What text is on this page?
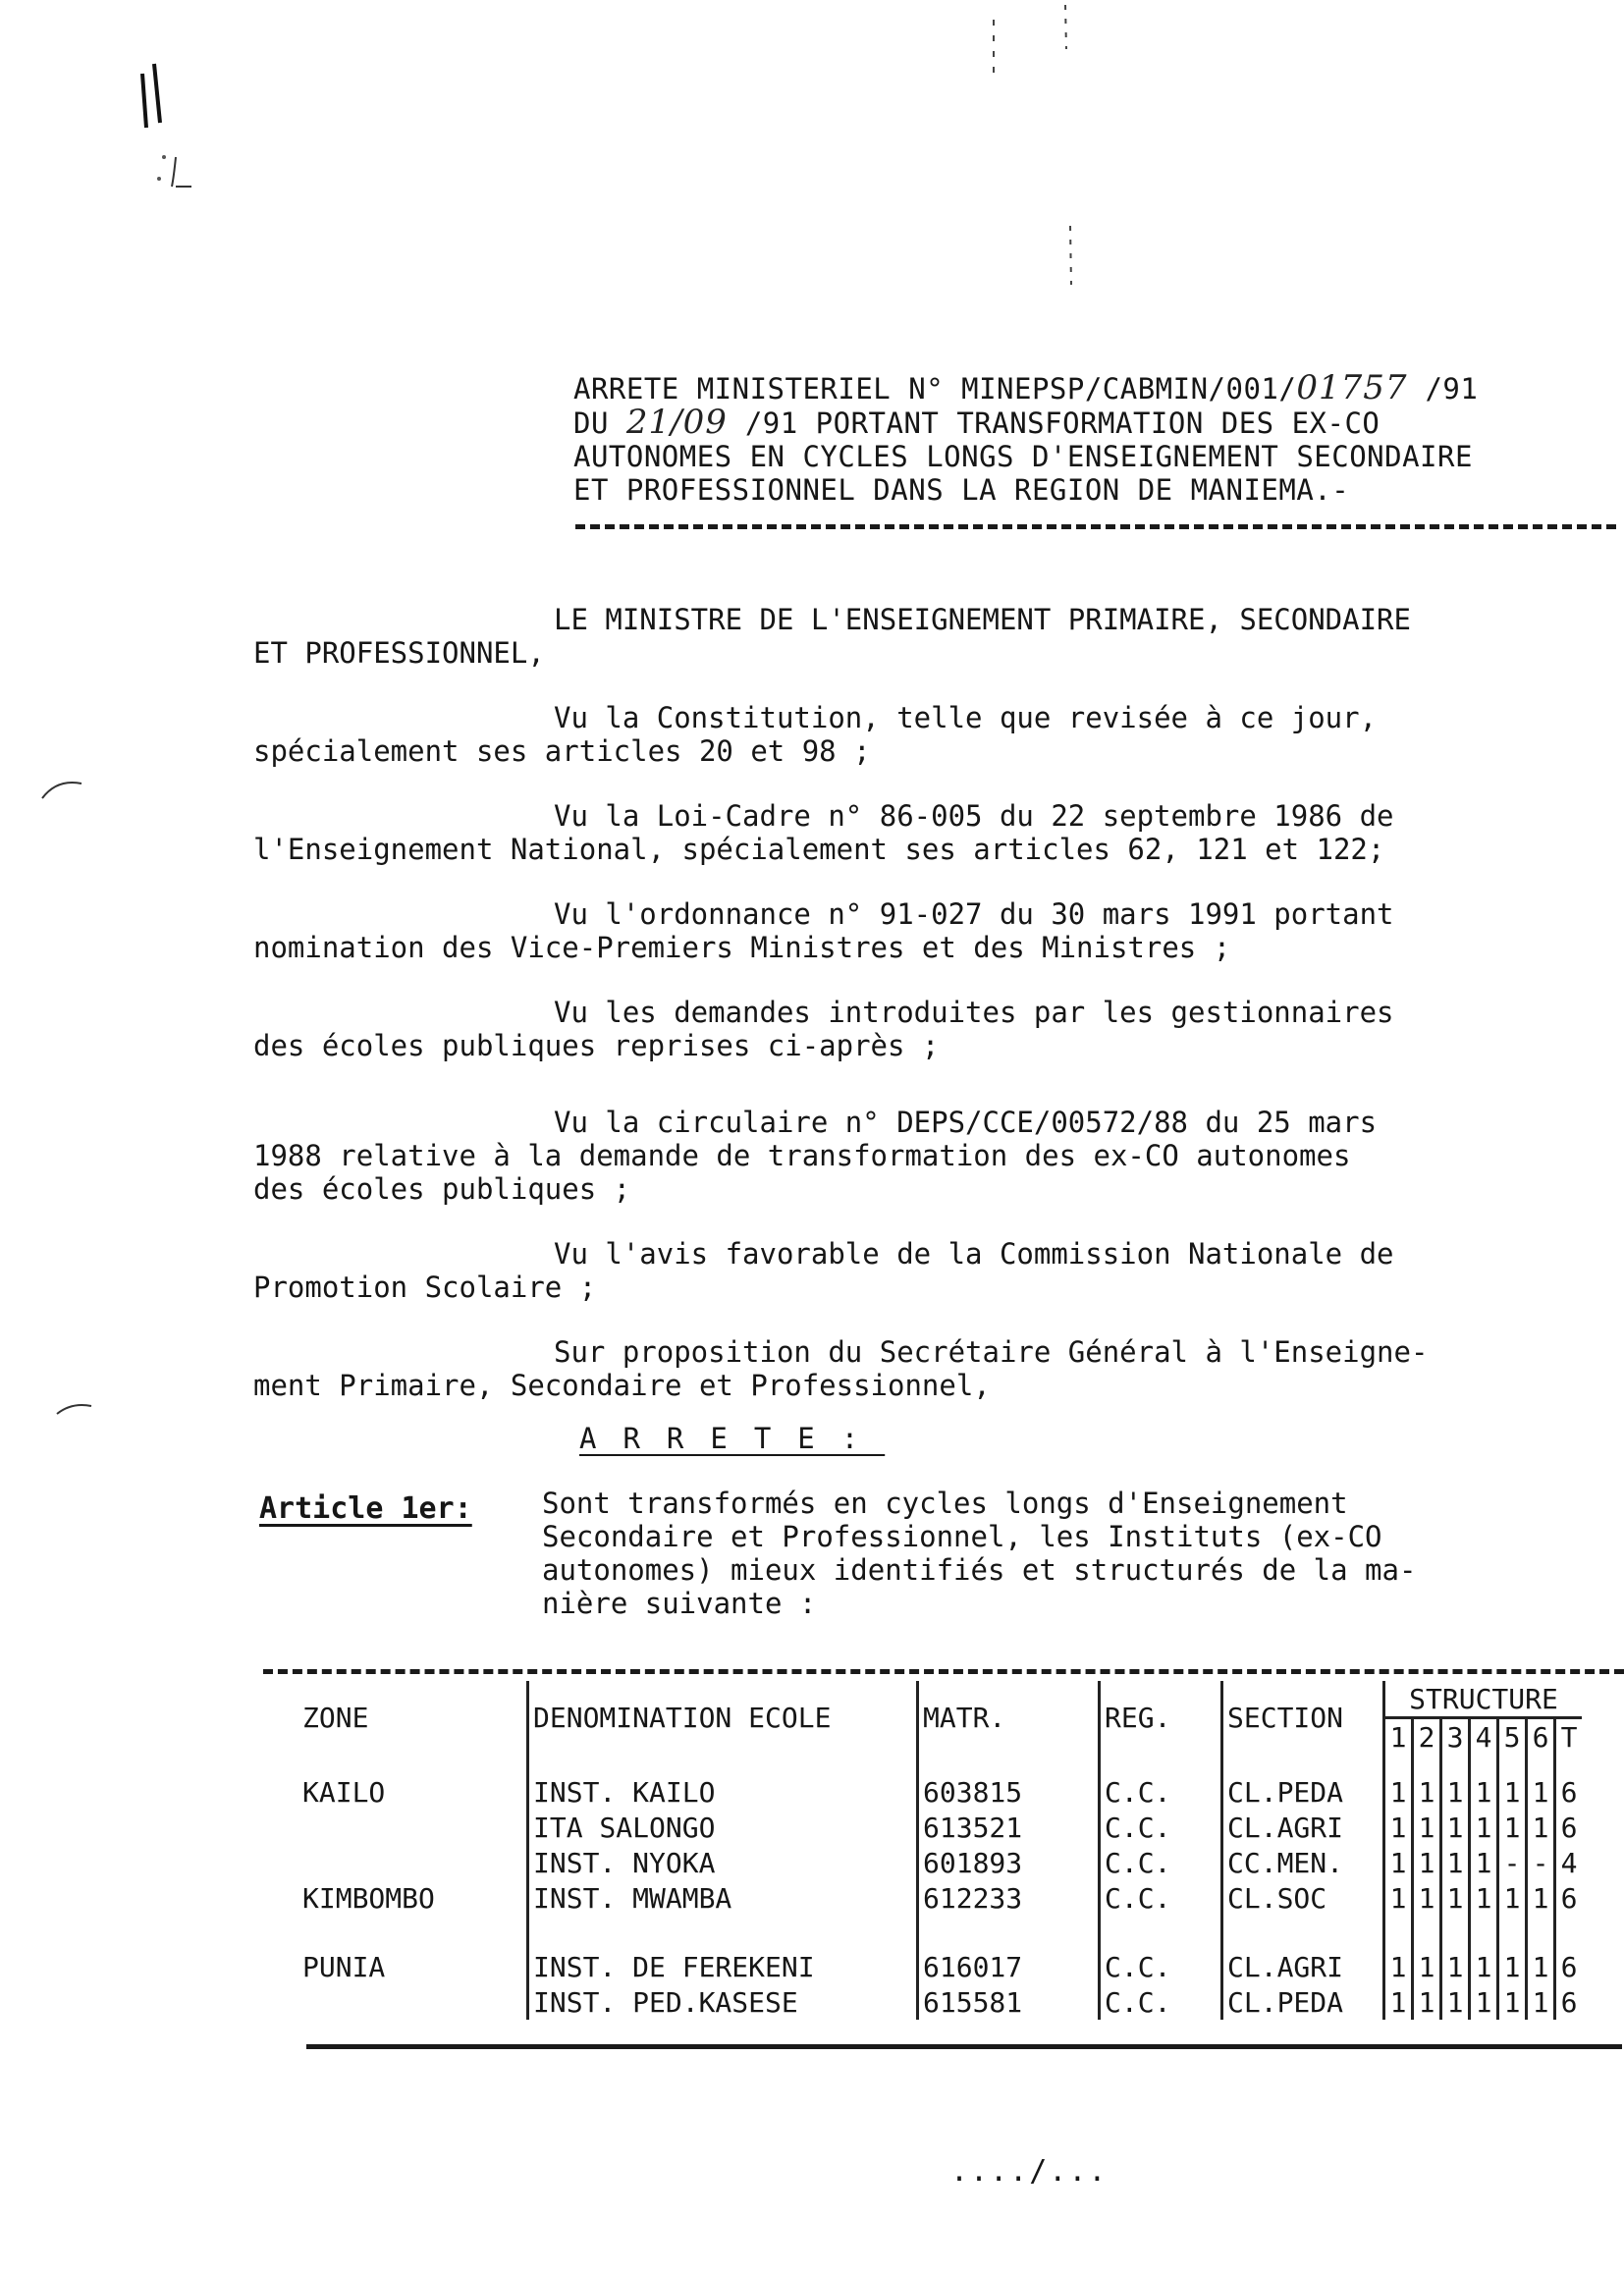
ARRETE MINISTERIEL N° MINEPSP/CABMIN/001/01757 /91
DU 21/09 /91 PORTANT TRANSFORMATION DES EX-CO
AUTONOMES EN CYCLES LONGS D'ENSEIGNEMENT SECONDAIRE
ET PROFESSIONNEL DANS LA REGION DE MANIEMA.-
LE MINISTRE DE L'ENSEIGNEMENT PRIMAIRE, SECONDAIRE
ET PROFESSIONNEL,
Vu la Constitution, telle que revisée à ce jour,
spécialement ses articles 20 et 98 ;
Vu la Loi-Cadre n° 86-005 du 22 septembre 1986 de
l'Enseignement National, spécialement ses articles 62, 121 et 122;
Vu l'ordonnance n° 91-027 du 30 mars 1991 portant
nomination des Vice-Premiers Ministres et des Ministres ;
Vu les demandes introduites par les gestionnaires
des écoles publiques reprises ci-après ;
Vu la circulaire n° DEPS/CCE/00572/88 du 25 mars
1988 relative à la demande de transformation des ex-CO autonomes
des écoles publiques ;
Vu l'avis favorable de la Commission Nationale de
Promotion Scolaire ;
Sur proposition du Secrétaire Général à l'Enseigne-
ment Primaire, Secondaire et Professionnel,
ARRETE:
Article 1er: Sont transformés en cycles longs d'Enseignement
Secondaire et Professionnel, les Instituts (ex-CO
autonomes) mieux identifiés et structurés de la ma-
nière suivante :
ZONE	DENOMINATION ECOLE	MATR.	REG.	SECTION	STRUCTURE						
					1	2	3	4	5	6	T

KAILO	INST. KAILO	603815	C.C.	CL.PEDA	1	1	1	1	1	1	6
	ITA SALONGO	613521	C.C.	CL.AGRI	1	1	1	1	1	1	6
	INST. NYOKA	601893	C.C.	CC.MEN.	1	1	1	1	-	-	4
KIMBOMBO	INST. MWAMBA	612233	C.C.	CL.SOC	1	1	1	1	1	1	6

PUNIA	INST. DE FEREKENI	616017	C.C.	CL.AGRI	1	1	1	1	1	1	6
	INST. PED.KASESE	615581	C.C.	CL.PEDA	1	1	1	1	1	1	6
..../...
